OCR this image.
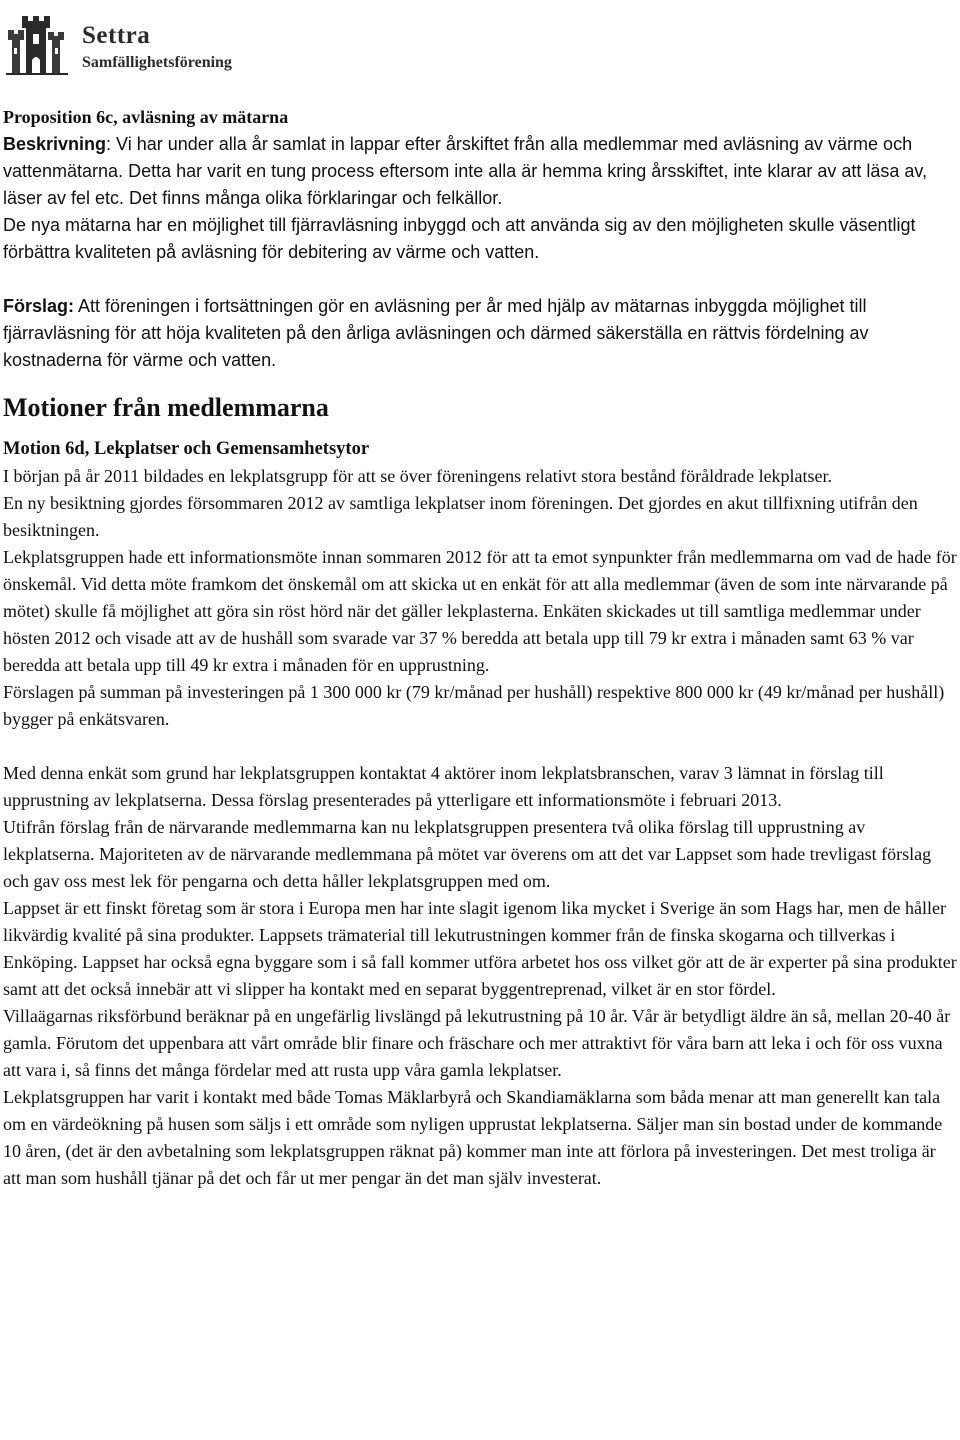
Settra
Samfällighetsförening

Proposition 6c, avläsning av mätarna

Beskrivning: Vi har under alla år samlat in lappar efter årskiftet från alla medlemmar med avläsning av värme och vattenmätarna. Detta har varit en tung process eftersom inte alla är hemma kring årsskiftet, inte klarar av att läsa av, läser av fel etc. Det finns många olika förklaringar och felkällor.

De nya mätarna har en möjlighet till fjärravläsning inbyggd och att använda sig av den möjligheten skulle väsentligt förbättra kvaliteten på avläsning för debitering av värme och vatten.

Förslag: Att föreningen i fortsättningen gör en avläsning per år med hjälp av mätarnas inbyggda möjlighet till fjärravläsning för att höja kvaliteten på den årliga avläsningen och därmed säkerställa en rättvis fördelning av kostnaderna för värme och vatten.

Motioner från medlemmarna

Motion 6d, Lekplatser och Gemensamhetsytor

I början på år 2011 bildades en lekplatsgrupp för att se över föreningens relativt stora bestånd föråldrade lekplatser.

En ny besiktning gjordes försommaren 2012 av samtliga lekplatser inom föreningen. Det gjordes en akut tillfixning utifrån den besiktningen.

Lekplatsgruppen hade ett informationsmöte innan sommaren 2012 för att ta emot synpunkter från medlemmarna om vad de hade för önskemål. Vid detta möte framkom det önskemål om att skicka ut en enkät för att alla medlemmar (även de som inte närvarande på mötet) skulle få möjlighet att göra sin röst hörd när det gäller lekplasterna. Enkäten skickades ut till samtliga medlemmar under hösten 2012 och visade att av de hushåll som svarade var 37 % beredda att betala upp till 79 kr extra i månaden samt 63 % var beredda att betala upp till 49 kr extra i månaden för en upprustning.

Förslagen på summan på investeringen på 1 300 000 kr (79 kr/månad per hushåll) respektive 800 000 kr (49 kr/månad per hushåll) bygger på enkätsvaren.

Med denna enkät som grund har lekplatsgruppen kontaktat 4 aktörer inom lekplatsbranschen, varav 3 lämnat in förslag till upprustning av lekplatserna. Dessa förslag presenterades på ytterligare ett informationsmöte i februari 2013.

Utifrån förslag från de närvarande medlemmarna kan nu lekplatsgruppen presentera två olika förslag till upprustning av lekplatserna. Majoriteten av de närvarande medlemmana på mötet var överens om att det var Lappset som hade trevligast förslag och gav oss mest lek för pengarna och detta håller lekplatsgruppen med om.

Lappset är ett finskt företag som är stora i Europa men har inte slagit igenom lika mycket i Sverige än som Hags har, men de håller likvärdig kvalité på sina produkter. Lappsets trämaterial till lekutrustningen kommer från de finska skogarna och tillverkas i Enköping. Lappset har också egna byggare som i så fall kommer utföra arbetet hos oss vilket gör att de är experter på sina produkter samt att det också innebär att vi slipper ha kontakt med en separat byggentreprenad, vilket är en stor fördel.

Villaägarnas riksförbund beräknar på en ungefärlig livslängd på lekutrustning på 10 år. Vår är betydligt äldre än så, mellan 20-40 år gamla. Förutom det uppenbara att vårt område blir finare och fräschare och mer attraktivt för våra barn att leka i och för oss vuxna att vara i, så finns det många fördelar med att rusta upp våra gamla lekplatser.

Lekplatsgruppen har varit i kontakt med både Tomas Mäklarbyrå och Skandiamäklarna som båda menar att man generellt kan tala om en värdeökning på husen som säljs i ett område som nyligen upprustat lekplatserna. Säljer man sin bostad under de kommande 10 åren, (det är den avbetalning som lekplatsgruppen räknat på) kommer man inte att förlora på investeringen. Det mest troliga är att man som hushåll tjänar på det och får ut mer pengar än det man själv investerat.
